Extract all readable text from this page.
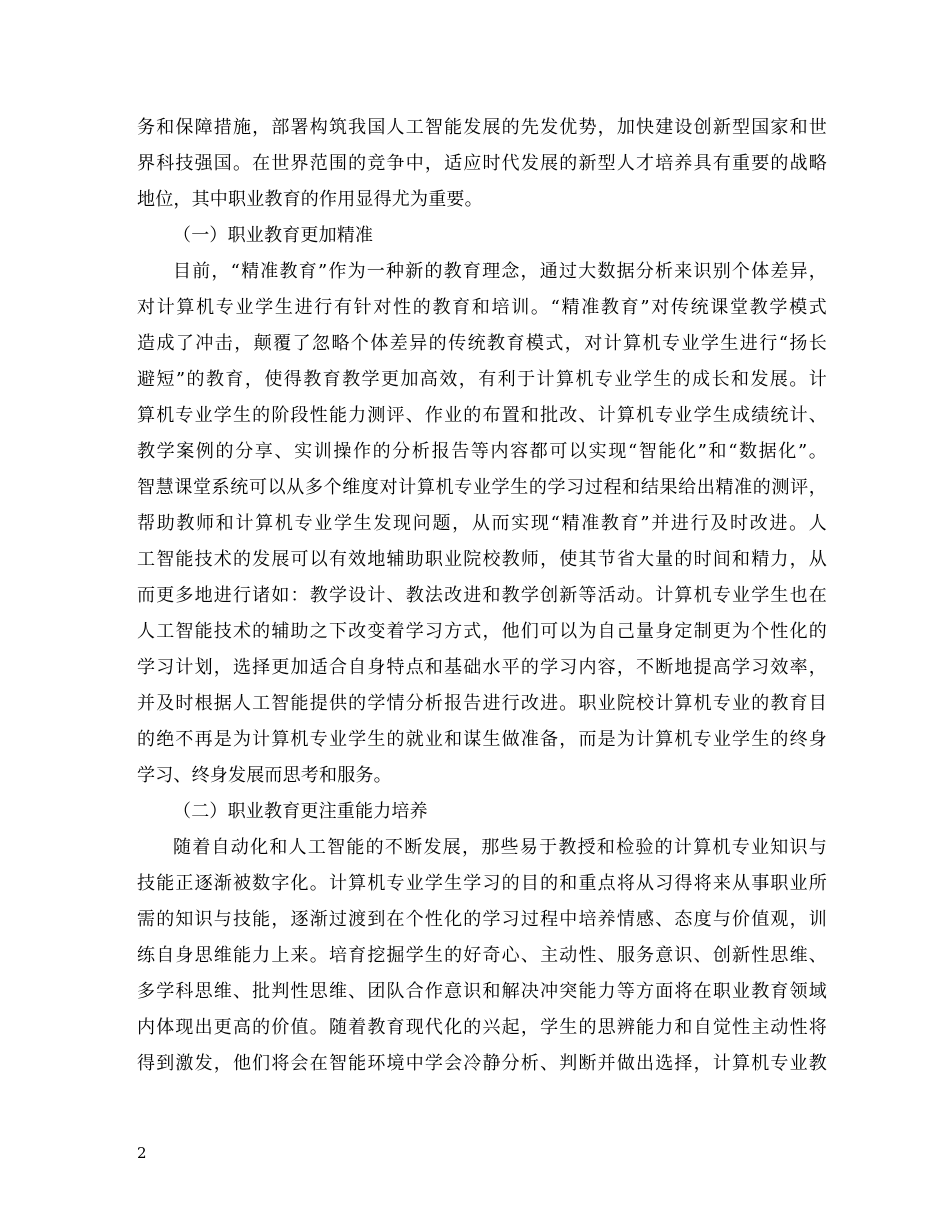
务和保障措施，部署构筑我国人工智能发展的先发优势，加快建设创新型国家和世
界科技强国。在世界范围的竞争中，适应时代发展的新型人才培养具有重要的战略
地位，其中职业教育的作用显得尤为重要。
（一）职业教育更加精准
目前，“精准教育”作为一种新的教育理念，通过大数据分析来识别个体差异，
对计算机专业学生进行有针对性的教育和培训。“精准教育”对传统课堂教学模式
造成了冲击，颠覆了忽略个体差异的传统教育模式，对计算机专业学生进行“扬长
避短”的教育，使得教育教学更加高效，有利于计算机专业学生的成长和发展。计
算机专业学生的阶段性能力测评、作业的布置和批改、计算机专业学生成绩统计、
教学案例的分享、实训操作的分析报告等内容都可以实现“智能化”和“数据化”。
智慧课堂系统可以从多个维度对计算机专业学生的学习过程和结果给出精准的测评，
帮助教师和计算机专业学生发现问题，从而实现“精准教育”并进行及时改进。人
工智能技术的发展可以有效地辅助职业院校教师，使其节省大量的时间和精力，从
而更多地进行诸如：教学设计、教法改进和教学创新等活动。计算机专业学生也在
人工智能技术的辅助之下改变着学习方式，他们可以为自己量身定制更为个性化的
学习计划，选择更加适合自身特点和基础水平的学习内容，不断地提高学习效率，
并及时根据人工智能提供的学情分析报告进行改进。职业院校计算机专业的教育目
的绝不再是为计算机专业学生的就业和谋生做准备，而是为计算机专业学生的终身
学习、终身发展而思考和服务。
（二）职业教育更注重能力培养
随着自动化和人工智能的不断发展，那些易于教授和检验的计算机专业知识与
技能正逐渐被数字化。计算机专业学生学习的目的和重点将从习得将来从事职业所
需的知识与技能，逐渐过渡到在个性化的学习过程中培养情感、态度与价值观，训
练自身思维能力上来。培育挖掘学生的好奇心、主动性、服务意识、创新性思维、
多学科思维、批判性思维、团队合作意识和解决冲突能力等方面将在职业教育领域
内体现出更高的价值。随着教育现代化的兴起，学生的思辨能力和自觉性主动性将
得到激发，他们将会在智能环境中学会冷静分析、判断并做出选择，计算机专业教
2
